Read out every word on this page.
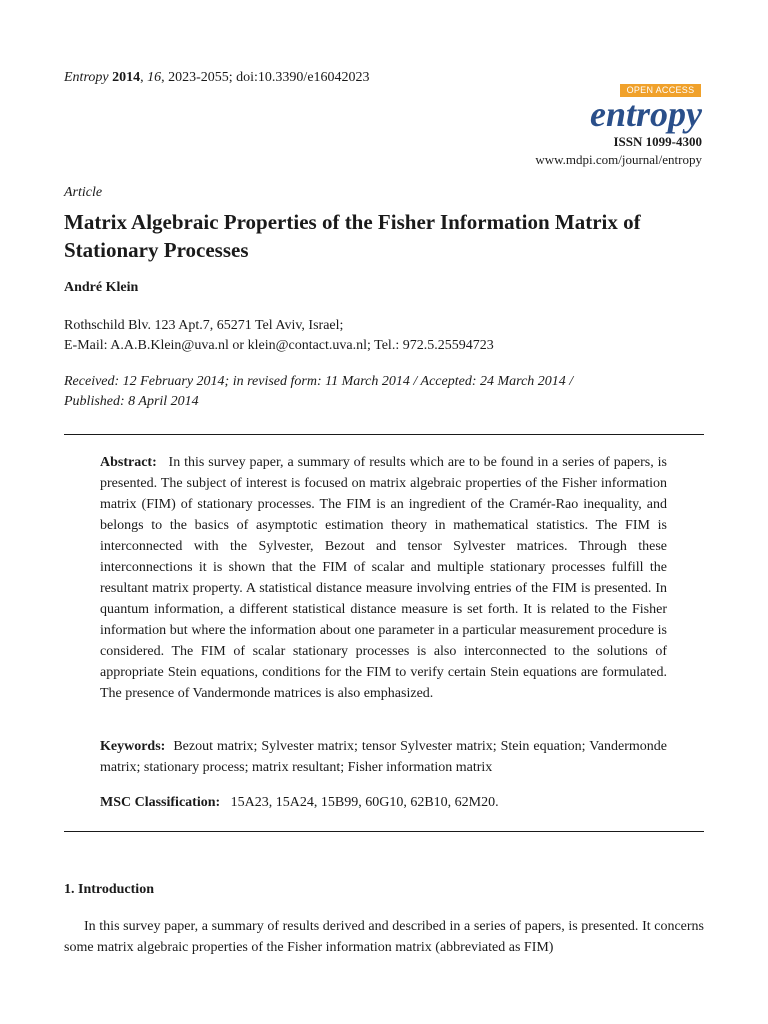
Entropy 2014, 16, 2023-2055; doi:10.3390/e16042023
OPEN ACCESS
entropy
ISSN 1099-4300
www.mdpi.com/journal/entropy
Article
Matrix Algebraic Properties of the Fisher Information Matrix of Stationary Processes
André Klein
Rothschild Blv. 123 Apt.7, 65271 Tel Aviv, Israel;
E-Mail: A.A.B.Klein@uva.nl or klein@contact.uva.nl; Tel.: 972.5.25594723
Received: 12 February 2014; in revised form: 11 March 2014 / Accepted: 24 March 2014 /
Published: 8 April 2014
Abstract: In this survey paper, a summary of results which are to be found in a series of papers, is presented. The subject of interest is focused on matrix algebraic properties of the Fisher information matrix (FIM) of stationary processes. The FIM is an ingredient of the Cramér-Rao inequality, and belongs to the basics of asymptotic estimation theory in mathematical statistics. The FIM is interconnected with the Sylvester, Bezout and tensor Sylvester matrices. Through these interconnections it is shown that the FIM of scalar and multiple stationary processes fulfill the resultant matrix property. A statistical distance measure involving entries of the FIM is presented. In quantum information, a different statistical distance measure is set forth. It is related to the Fisher information but where the information about one parameter in a particular measurement procedure is considered. The FIM of scalar stationary processes is also interconnected to the solutions of appropriate Stein equations, conditions for the FIM to verify certain Stein equations are formulated. The presence of Vandermonde matrices is also emphasized.
Keywords: Bezout matrix; Sylvester matrix; tensor Sylvester matrix; Stein equation; Vandermonde matrix; stationary process; matrix resultant; Fisher information matrix
MSC Classification: 15A23, 15A24, 15B99, 60G10, 62B10, 62M20.
1. Introduction
In this survey paper, a summary of results derived and described in a series of papers, is presented. It concerns some matrix algebraic properties of the Fisher information matrix (abbreviated as FIM)
